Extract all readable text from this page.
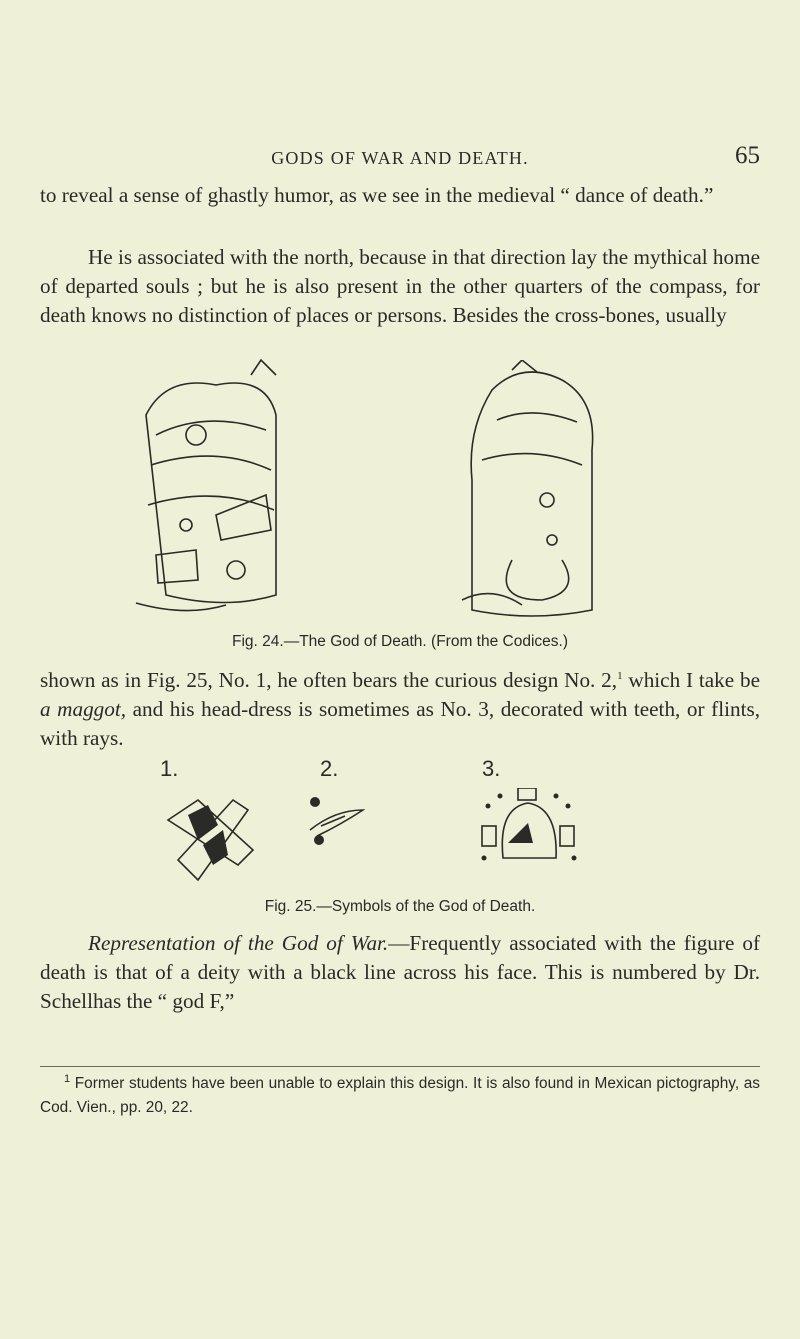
GODS OF WAR AND DEATH.	65

to reveal a sense of ghastly humor, as we see in the medieval “ dance of death.”

He is associated with the north, because in that direction lay the mythical home of departed souls ; but he is also present in the other quarters of the compass, for death knows no distinction of places or persons. Besides the cross-bones, usually

Fig. 24.—The God of Death. (From the Codices.)

shown as in Fig. 25, No. 1, he often bears the curious design No. 2,$^1$ which I take be a maggot, and his head-dress is sometimes as No. 3, decorated with teeth, or flints, with rays.

1.	2.	3.
Fig. 25.—Symbols of the God of Death.

Representation of the God of War.—Frequently associated with the figure of death is that of a deity with a black line across his face. This is numbered by Dr. Schellhas the “ god F,”

$^1$ Former students have been unable to explain this design. It is also found in Mexican pictography, as Cod. Vien., pp. 20, 22.
